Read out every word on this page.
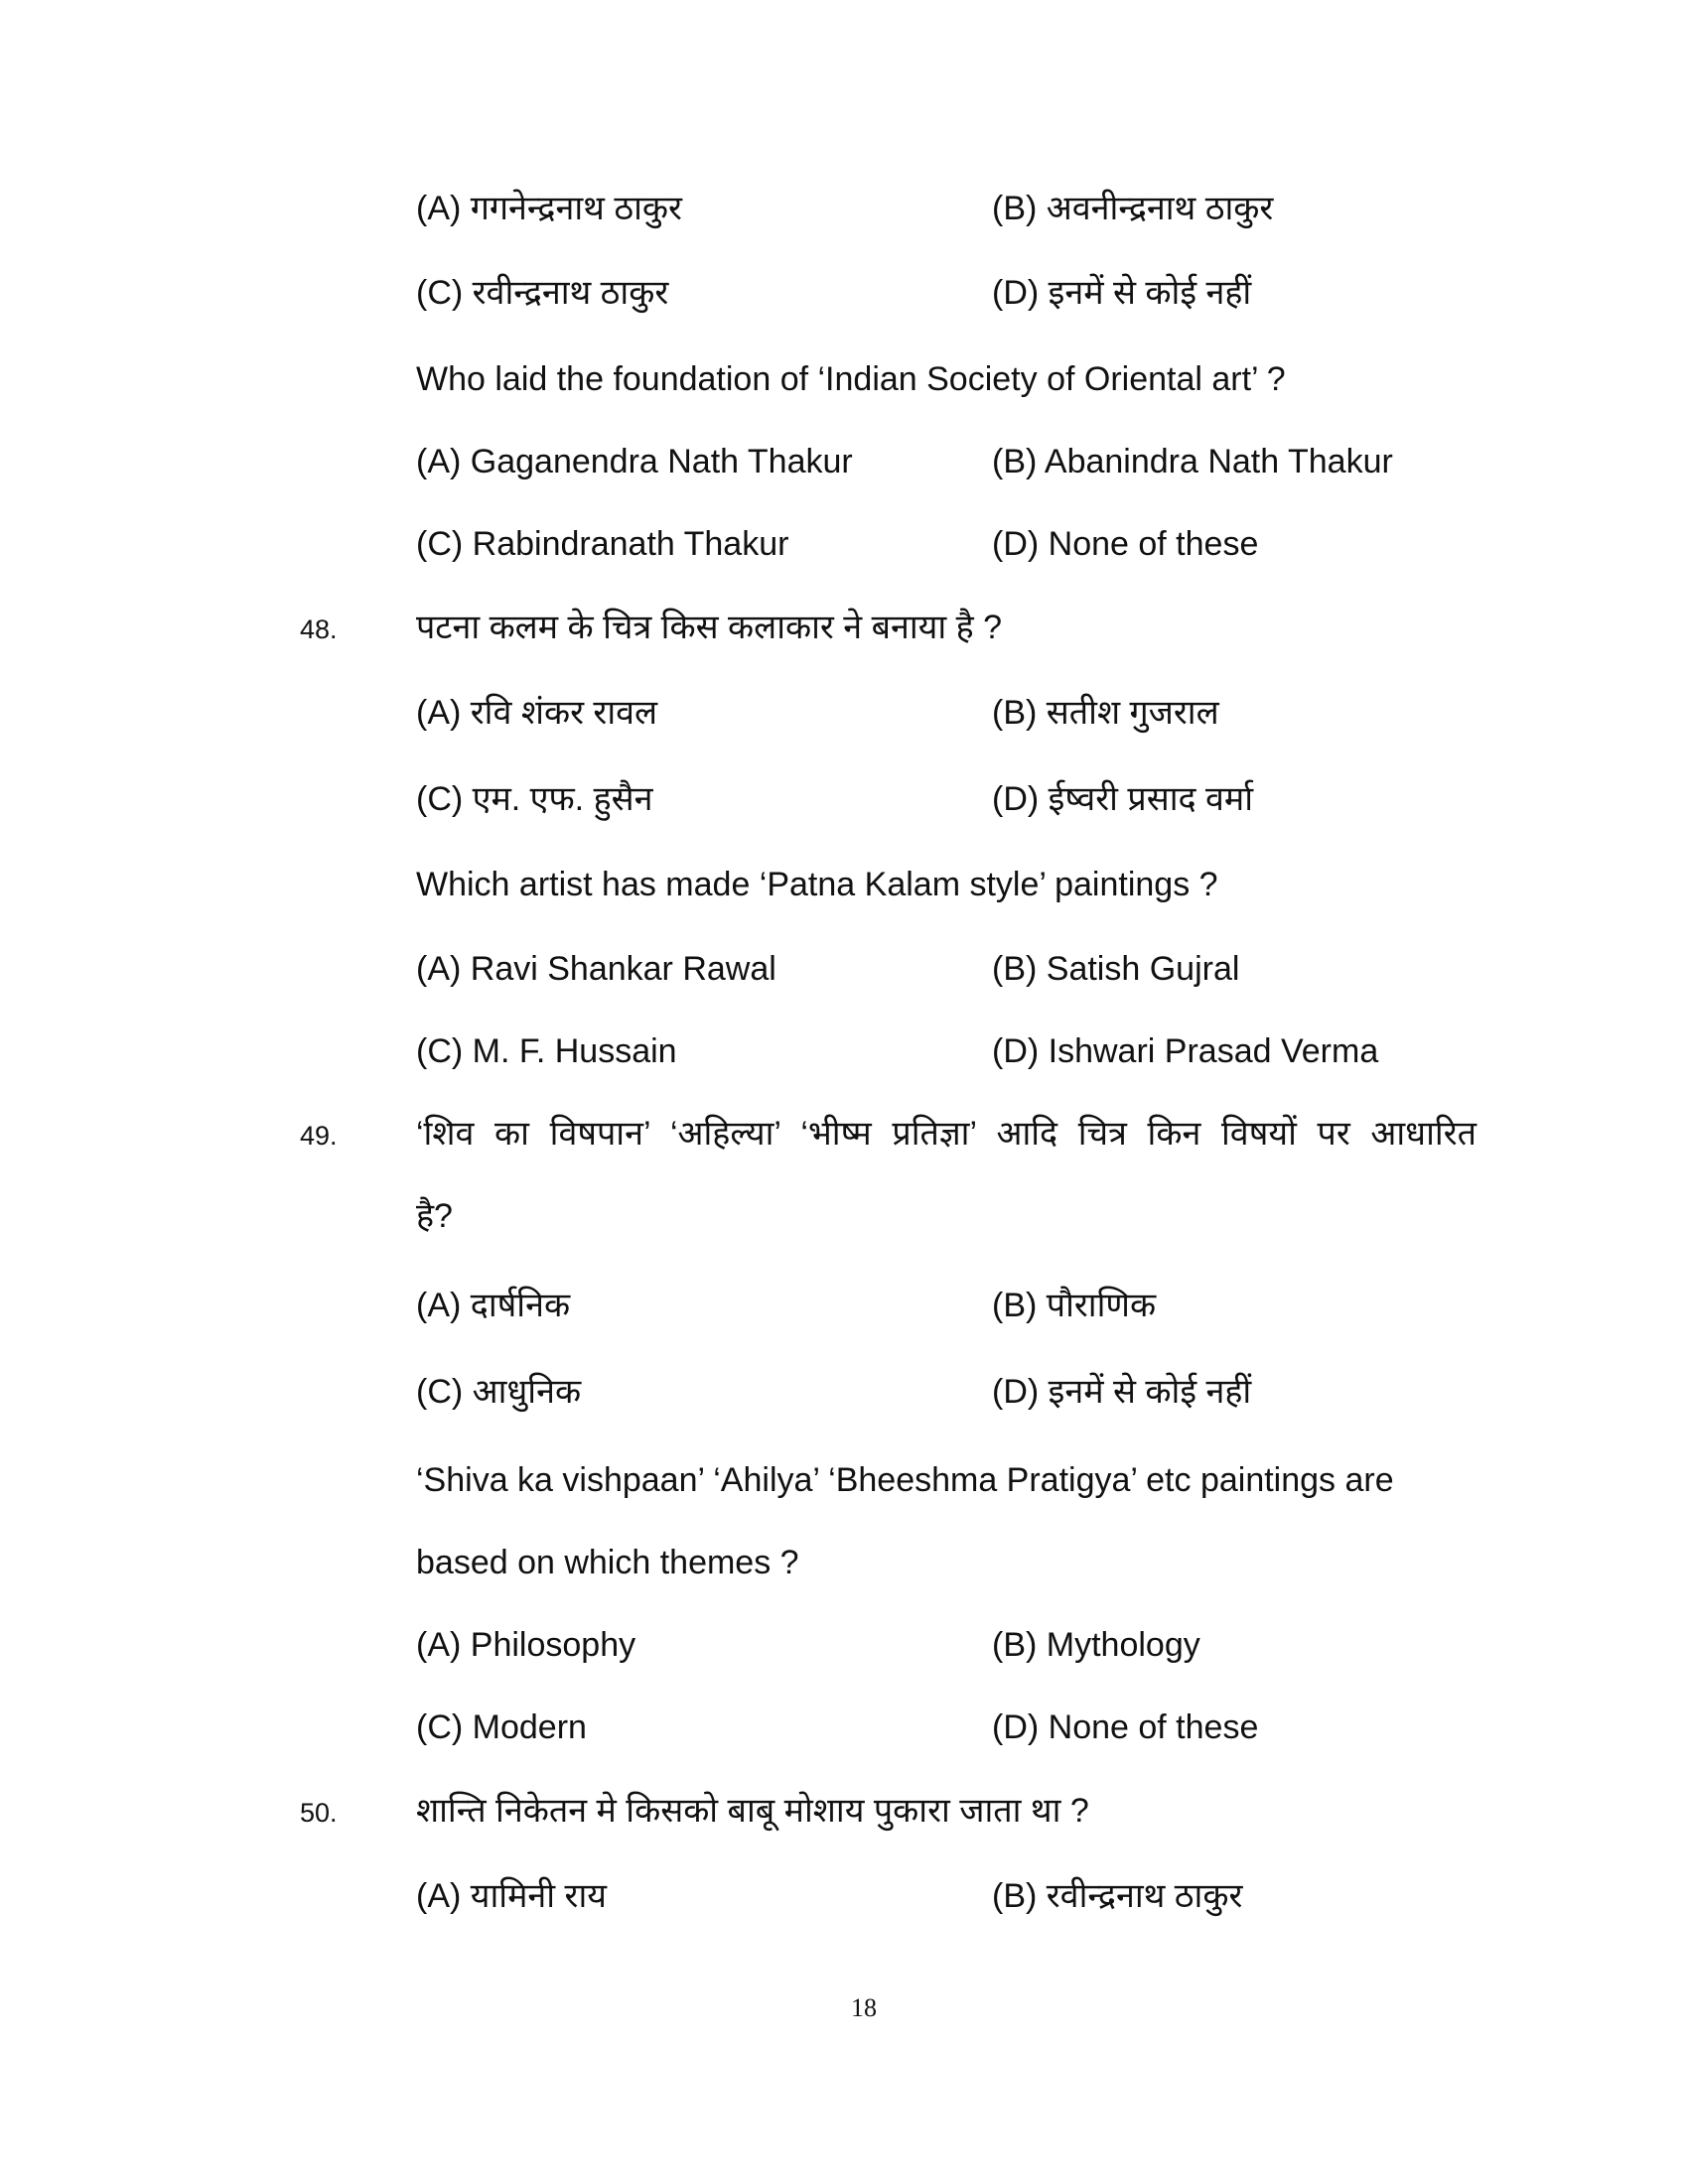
(A) गगनेन्द्रनाथ ठाकुर	(B) अवनीन्द्रनाथ ठाकुर
(C) रवीन्द्रनाथ ठाकुर	(D) इनमें से कोई नहीं
Who laid the foundation of ‘Indian Society of Oriental art’ ?
(A) Gaganendra Nath Thakur	(B) Abanindra Nath Thakur
(C) Rabindranath Thakur	(D) None of these
48. पटना कलम के चित्र किस कलाकार ने बनाया है ?
(A) रवि शंकर रावल	(B) सतीश गुजराल
(C) एम. एफ. हुसैन	(D) ईष्वरी प्रसाद वर्मा
Which artist has made ‘Patna Kalam style’ paintings ?
(A) Ravi Shankar Rawal	(B) Satish Gujral
(C) M. F. Hussain	(D) Ishwari Prasad Verma
49. ‘शिव का विषपान’ ‘अहिल्या’ ‘भीष्म प्रतिज्ञा’ आदि चित्र किन विषयों पर आधारित
है?
(A) दार्षनिक	(B) पौराणिक
(C) आधुनिक	(D) इनमें से कोई नहीं
‘Shiva ka vishpaan’ ‘Ahilya’ ‘Bheeshma Pratigya’ etc paintings are
based on which themes ?
(A) Philosophy	(B) Mythology
(C) Modern	(D) None of these
50. शान्ति निकेतन मे किसको बाबू मोशाय पुकारा जाता था ?
(A) यामिनी राय	(B) रवीन्द्रनाथ ठाकुर
18
